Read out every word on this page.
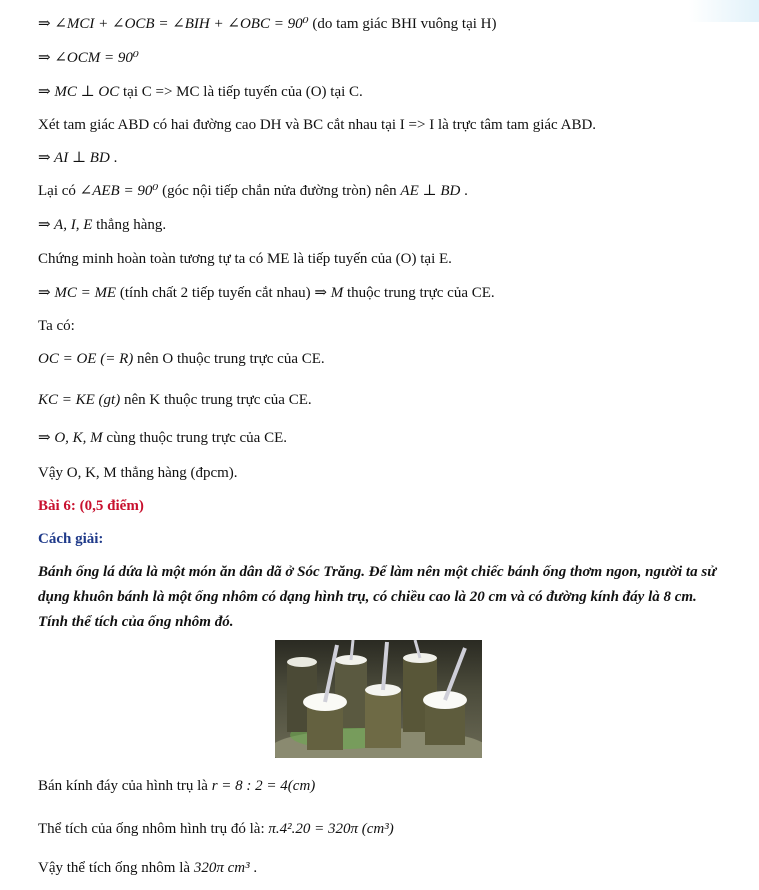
⇒ ∠MCI + ∠OCB = ∠BIH + ∠OBC = 90⁰ (do tam giác BHI vuông tại H)
⇒ ∠OCM = 90⁰
⇒ MC ⊥ OC tại C => MC là tiếp tuyến của (O) tại C.
Xét tam giác ABD có hai đường cao DH và BC cắt nhau tại I => I là trực tâm tam giác ABD.
⇒ AI ⊥ BD .
Lại có ∠AEB = 90⁰ (góc nội tiếp chắn nửa đường tròn) nên AE ⊥ BD .
⇒ A, I, E thẳng hàng.
Chứng minh hoàn toàn tương tự ta có ME là tiếp tuyến của (O) tại E.
⇒ MC = ME (tính chất 2 tiếp tuyến cắt nhau) ⇒ M thuộc trung trực của CE.
Ta có:
OC = OE (= R) nên O thuộc trung trực của CE.
KC = KE (gt) nên K thuộc trung trực của CE.
⇒ O, K, M cùng thuộc trung trực của CE.
Vậy O, K, M thẳng hàng (đpcm).
Bài 6: (0,5 điểm)
Cách giải:
Bánh ống lá dứa là một món ăn dân dã ở Sóc Trăng. Để làm nên một chiếc bánh ống thơm ngon, người ta sử dụng khuôn bánh là một ống nhôm có dạng hình trụ, có chiều cao là 20 cm và có đường kính đáy là 8 cm. Tính thể tích của ống nhôm đó.
Bán kính đáy của hình trụ là r = 8 : 2 = 4(cm)
Thể tích của ống nhôm hình trụ đó là: π.4².20 = 320π (cm³)
Vậy thể tích ống nhôm là 320π cm³ .
